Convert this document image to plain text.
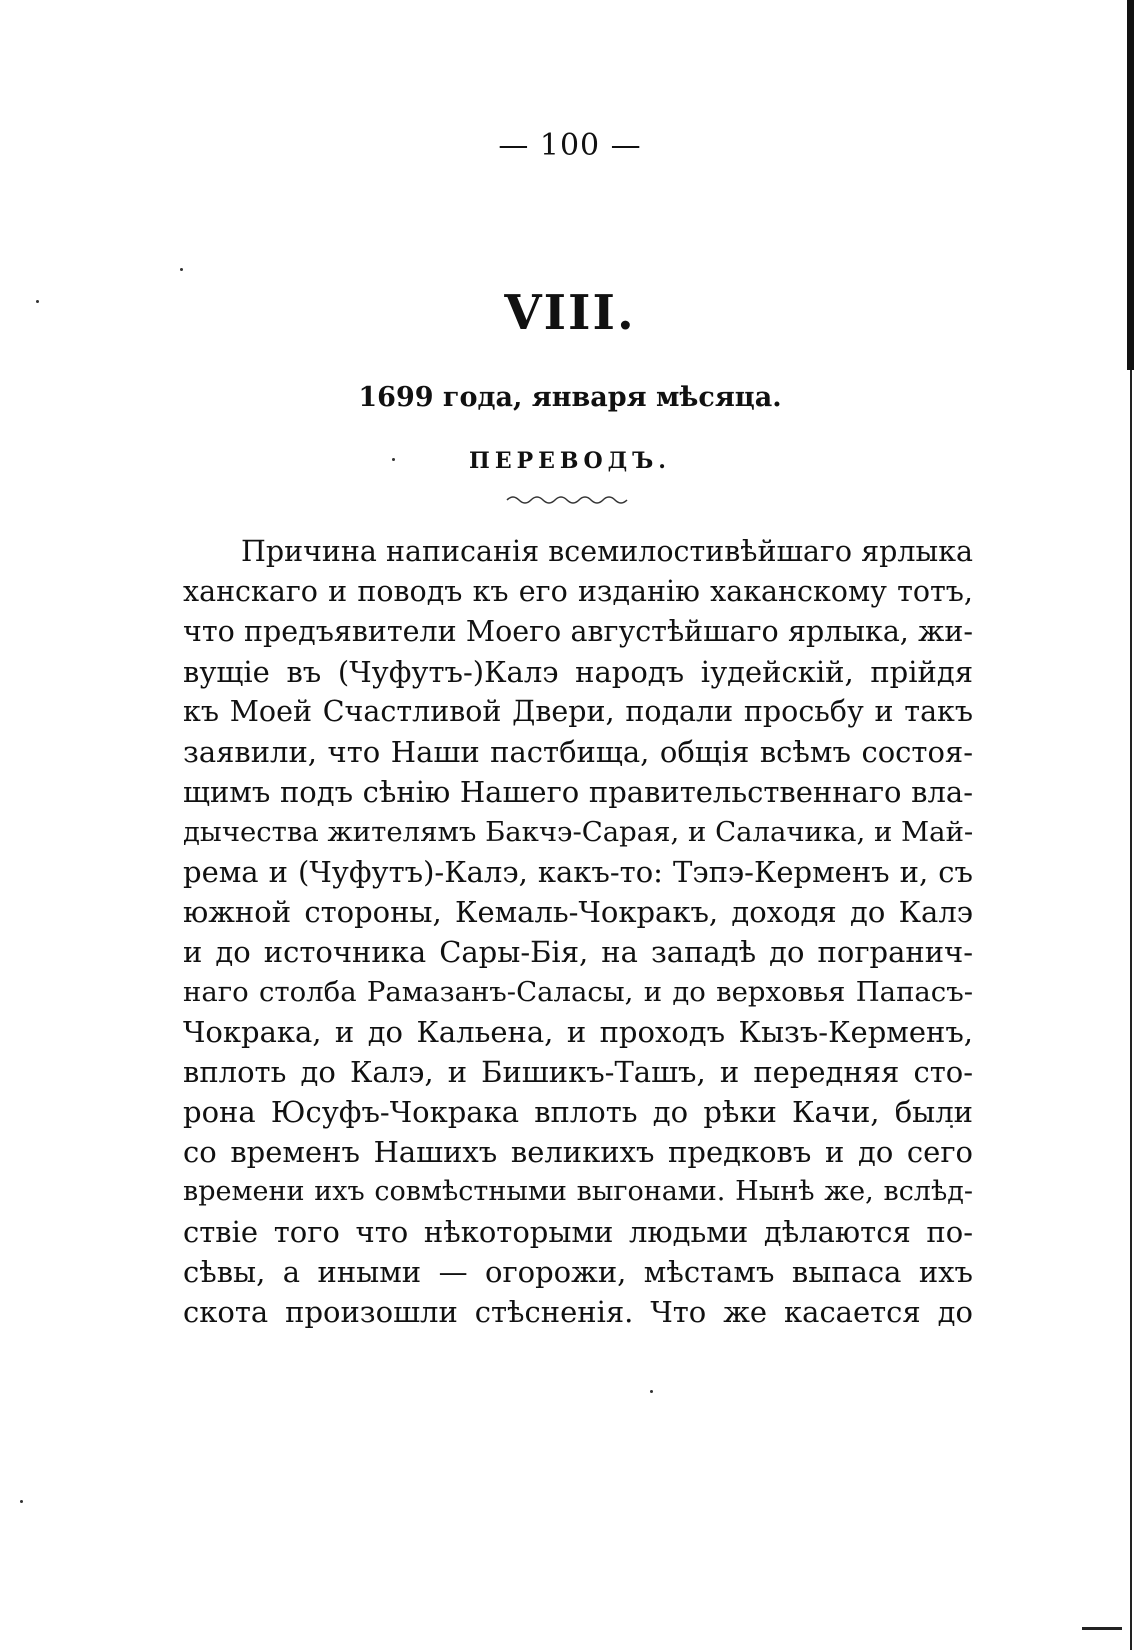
— 100 —
VIII.
1699 года, января мѣсяца.
ПЕРЕВОДЪ.
Причина написанія всемилостивѣйшаго ярлыка
ханскаго и поводъ къ его изданію хаканскому тотъ,
что предъявители Моего августѣйшаго ярлыка, жи-
вущіе въ (Чуфутъ-)Калэ народъ іудейскій, прійдя
къ Моей Счастливой Двери, подали просьбу и такъ
заявили, что Наши пастбища, общія всѣмъ состоя-
щимъ подъ сѣнію Нашего правительственнаго вла-
дычества жителямъ Бакчэ-Сарая, и Салачика, и Май-
рема и (Чуфутъ)-Калэ, какъ-то: Тэпэ-Керменъ и, съ
южной стороны, Кемаль-Чокракъ, доходя до Калэ
и до источника Сары-Бія, на западѣ до погранич-
наго столба Рамазанъ-Саласы, и до верховья Папасъ-
Чокрака, и до Кальена, и проходъ Кызъ-Керменъ,
вплоть до Калэ, и Бишикъ-Ташъ, и передняя сто-
рона Юсуфъ-Чокрака вплоть до рѣки Качи, были
со временъ Нашихъ великихъ предковъ и до сего
времени ихъ совмѣстными выгонами. Нынѣ же, вслѣд-
ствіе того что нѣкоторыми людьми дѣлаются по-
сѣвы, а иными — огорожи, мѣстамъ выпаса ихъ
скота произошли стѣсненія. Что же касается до
